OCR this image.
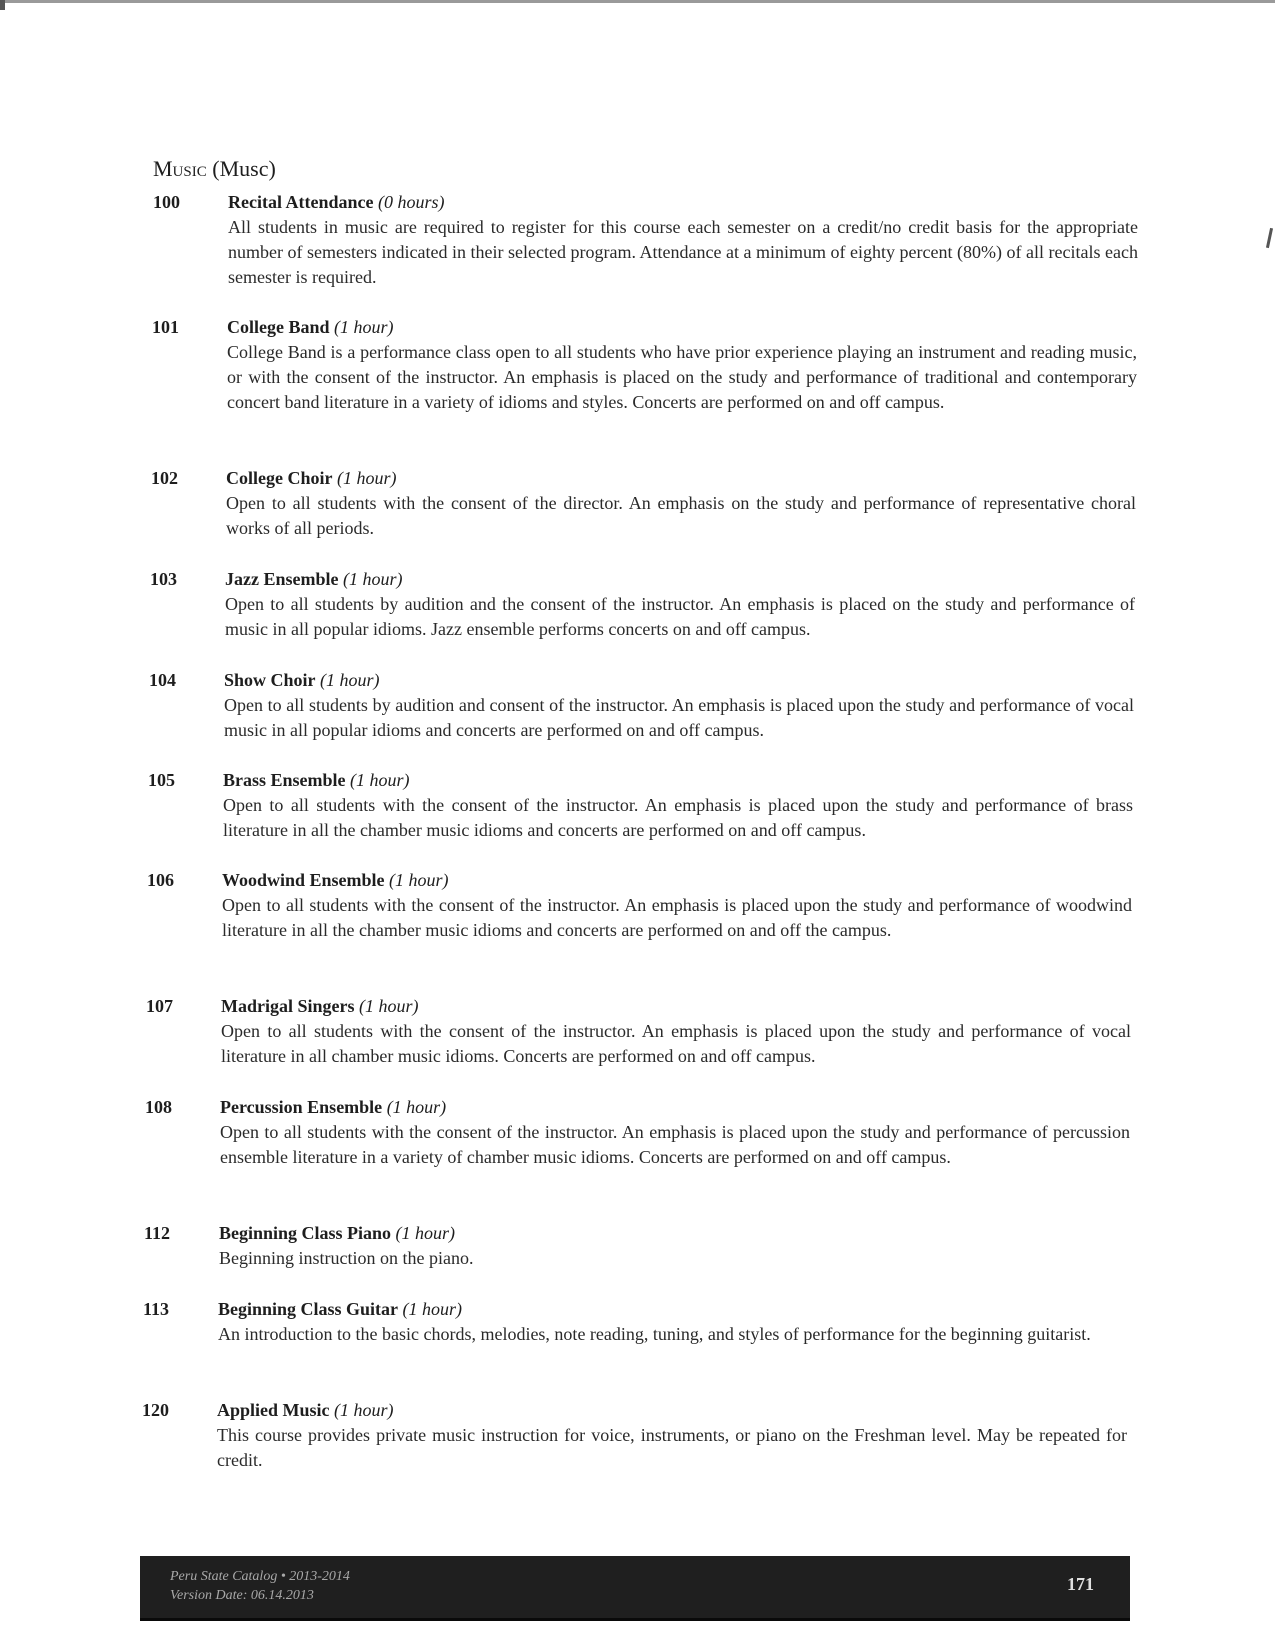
Music (Musc)
100	Recital Attendance (0 hours)

All students in music are required to register for this course each semester on a credit/no credit basis for the appropriate number of semesters indicated in their selected program. Attendance at a minimum of eighty percent (80%) of all recitals each semester is required.

101	College Band (1 hour)

College Band is a performance class open to all students who have prior experience playing an instrument and reading music, or with the consent of the instructor. An emphasis is placed on the study and performance of traditional and contemporary concert band literature in a variety of idioms and styles. Concerts are performed on and off campus.

102	College Choir (1 hour)

Open to all students with the consent of the director. An emphasis on the study and performance of representative choral works of all periods.

103	Jazz Ensemble (1 hour)

Open to all students by audition and the consent of the instructor. An emphasis is placed on the study and performance of music in all popular idioms. Jazz ensemble performs concerts on and off campus.

104	Show Choir (1 hour)

Open to all students by audition and consent of the instructor. An emphasis is placed upon the study and performance of vocal music in all popular idioms and concerts are performed on and off campus.

105	Brass Ensemble (1 hour)

Open to all students with the consent of the instructor. An emphasis is placed upon the study and performance of brass literature in all the chamber music idioms and concerts are performed on and off campus.

106	Woodwind Ensemble (1 hour)

Open to all students with the consent of the instructor. An emphasis is placed upon the study and performance of woodwind literature in all the chamber music idioms and concerts are performed on and off the campus.

107	Madrigal Singers (1 hour)

Open to all students with the consent of the instructor. An emphasis is placed upon the study and performance of vocal literature in all chamber music idioms. Concerts are performed on and off campus.

108	Percussion Ensemble (1 hour)

Open to all students with the consent of the instructor. An emphasis is placed upon the study and performance of percussion ensemble literature in a variety of chamber music idioms. Concerts are performed on and off campus.

112	Beginning Class Piano (1 hour)

Beginning instruction on the piano.

113	Beginning Class Guitar (1 hour)

An introduction to the basic chords, melodies, note reading, tuning, and styles of performance for the beginning guitarist.

120	Applied Music (1 hour)

This course provides private music instruction for voice, instruments, or piano on the Freshman level. May be repeated for credit.

Peru State Catalog • 2013-2014
Version Date: 06.14.2013
171
